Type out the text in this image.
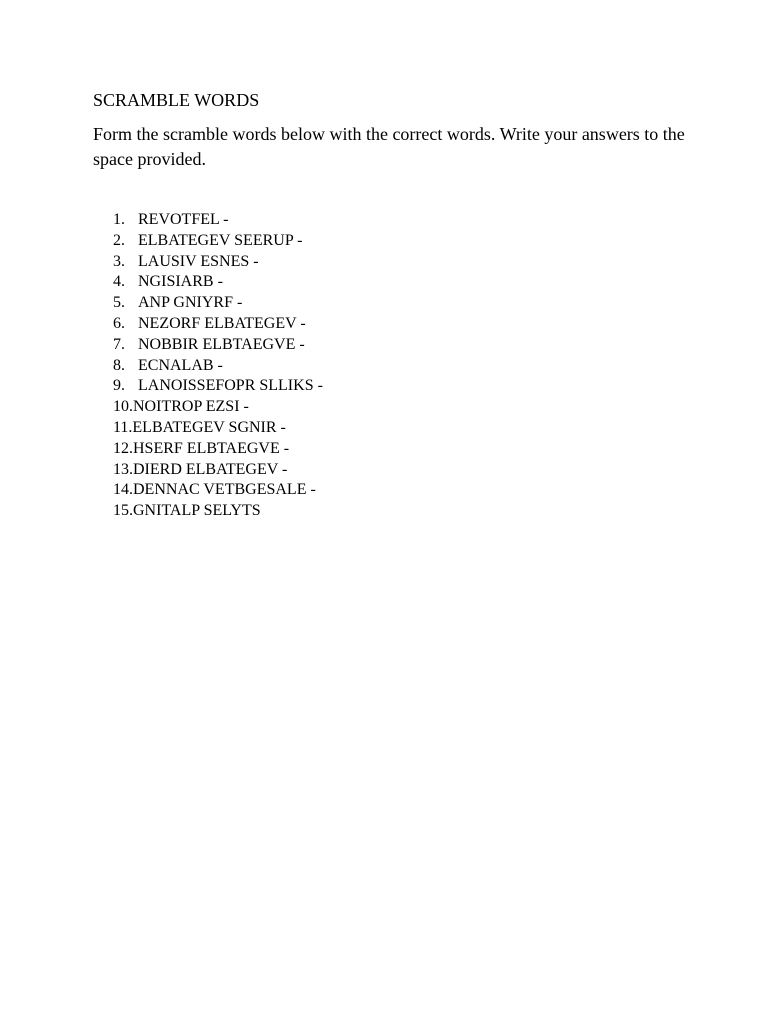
SCRAMBLE WORDS
Form the scramble words below with the correct words. Write your answers to the space provided.
1. REVOTFEL -
2. ELBATEGEV SEERUP -
3. LAUSIV ESNES -
4. NGISIARB -
5. ANP GNIYRF -
6. NEZORF ELBATEGEV -
7. NOBBIR ELBTAEGVE -
8. ECNALAB -
9. LANOISSEFOPR SLLIKS -
10. NOITROP EZSI -
11. ELBATEGEV SGNIR -
12. HSERF ELBTAEGVE -
13. DIERD ELBATEGEV -
14. DENNAC VETBGESALE -
15. GNITALP SELYTS
